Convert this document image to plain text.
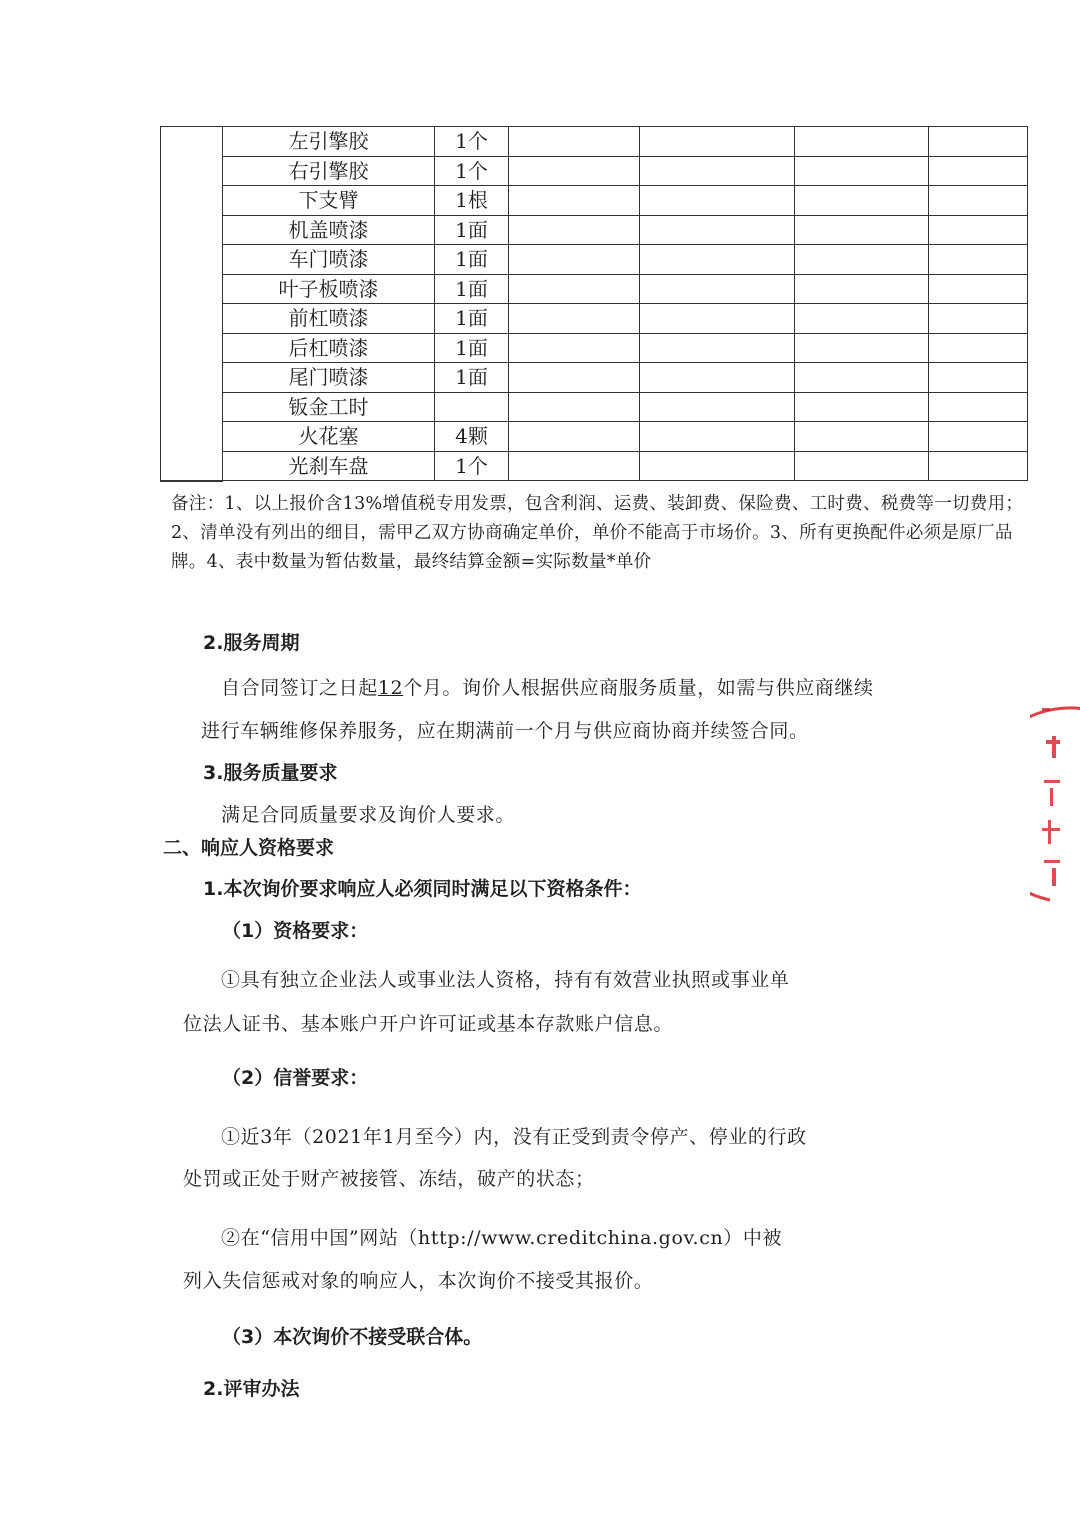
	左引擎胶	1个				
	右引擎胶	1个				
	下支臂	1根				
	机盖喷漆	1面				
	车门喷漆	1面				
	叶子板喷漆	1面				
	前杠喷漆	1面				
	后杠喷漆	1面				
	尾门喷漆	1面				
	钣金工时					
	火花塞	4颗				
	光刹车盘	1个				
备注：1、以上报价含13%增值税专用发票，包含利润、运费、装卸费、保险费、工时费、税费等一切费用；2、清单没有列出的细目，需甲乙双方协商确定单价，单价不能高于市场价。3、所有更换配件必须是原厂品牌。4、表中数量为暂估数量，最终结算金额=实际数量*单价
2.服务周期
自合同签订之日起12个月。询价人根据供应商服务质量，如需与供应商继续
进行车辆维修保养服务，应在期满前一个月与供应商协商并续签合同。
3.服务质量要求
满足合同质量要求及询价人要求。
二、响应人资格要求
1.本次询价要求响应人必须同时满足以下资格条件：
（1）资格要求：
①具有独立企业法人或事业法人资格，持有有效营业执照或事业单
位法人证书、基本账户开户许可证或基本存款账户信息。
（2）信誉要求：
①近3年（2021年1月至今）内，没有正受到责令停产、停业的行政
处罚或正处于财产被接管、冻结，破产的状态；
②在“信用中国”网站（http://www.creditchina.gov.cn）中被
列入失信惩戒对象的响应人，本次询价不接受其报价。
（3）本次询价不接受联合体。
2.评审办法
